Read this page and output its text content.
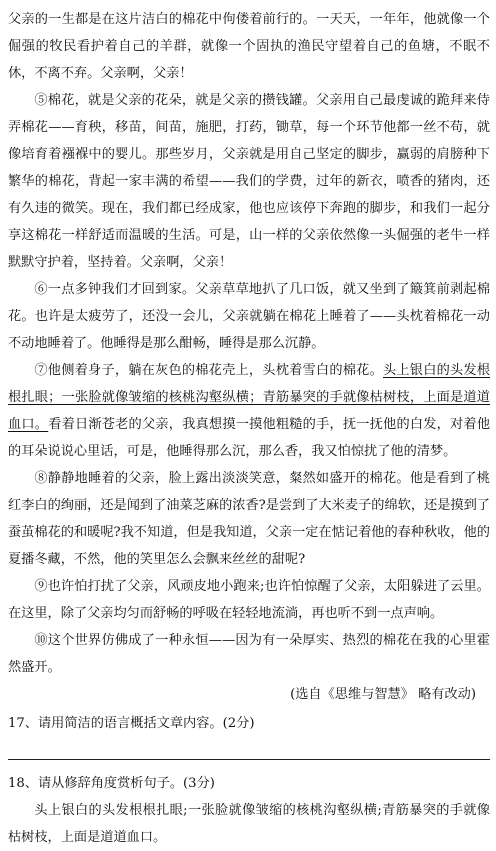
父亲的一生都是在这片洁白的棉花中佝偻着前行的。一天天，一年年，他就像一个倔强的牧民看护着自己的羊群，就像一个固执的渔民守望着自己的鱼塘，不眠不休，不离不弃。父亲啊，父亲！

⑤棉花，就是父亲的花朵，就是父亲的攒钱罐。父亲用自己最虔诚的跪拜来侍弄棉花——育秧，移苗，间苗，施肥，打药，锄草，每一个环节他都一丝不苟，就像培育着襁褓中的婴儿。那些岁月，父亲就是用自己坚定的脚步，赢弱的肩膀种下繁华的棉花，背起一家丰满的希望——我们的学费，过年的新衣，喷香的猪肉，还有久违的微笑。现在，我们都已经成家，他也应该停下奔跑的脚步，和我们一起分享这棉花一样舒适而温暖的生活。可是，山一样的父亲依然像一头倔强的老牛一样默默守护着，坚持着。父亲啊，父亲！

⑥一点多钟我们才回到家。父亲草草地扒了几口饭，就又坐到了簸箕前剥起棉花。也许是太疲劳了，还没一会儿，父亲就躺在棉花上睡着了——头枕着棉花一动不动地睡着了。他睡得是那么酣畅，睡得是那么沉静。

⑦他侧着身子，躺在灰色的棉花壳上，头枕着雪白的棉花。头上银白的头发根根扎眼；一张脸就像皱缩的核桃沟壑纵横；青筋暴突的手就像枯树枝，上面是道道血口。看着日渐苍老的父亲，我真想摸一摸他粗糙的手，抚一抚他的白发，对着他的耳朵说说心里话，可是，他睡得那么沉，那么香，我又怕惊扰了他的清梦。

⑧静静地睡着的父亲，脸上露出淡淡笑意，粲然如盛开的棉花。他是看到了桃红李白的绚丽，还是闻到了油菜芝麻的浓香?是尝到了大米麦子的绵软，还是摸到了蚕茧棉花的和暖呢?我不知道，但是我知道，父亲一定在惦记着他的春种秋收，他的夏播冬藏，不然，他的笑里怎么会飘来丝丝的甜呢?

⑨也许怕打扰了父亲，风顽皮地小跑来;也许怕惊醒了父亲，太阳躲进了云里。在这里，除了父亲均匀而舒畅的呼吸在轻轻地流淌，再也听不到一点声响。

⑩这个世界仿佛成了一种永恒——因为有一朵厚实、热烈的棉花在我的心里霍然盛开。

(选自《思维与智慧》 略有改动)

17、请用简洁的语言概括文章内容。(2分)

18、请从修辞角度赏析句子。(3分)

头上银白的头发根根扎眼;一张脸就像皱缩的核桃沟壑纵横;青筋暴突的手就像枯树枝，上面是道道血口。
